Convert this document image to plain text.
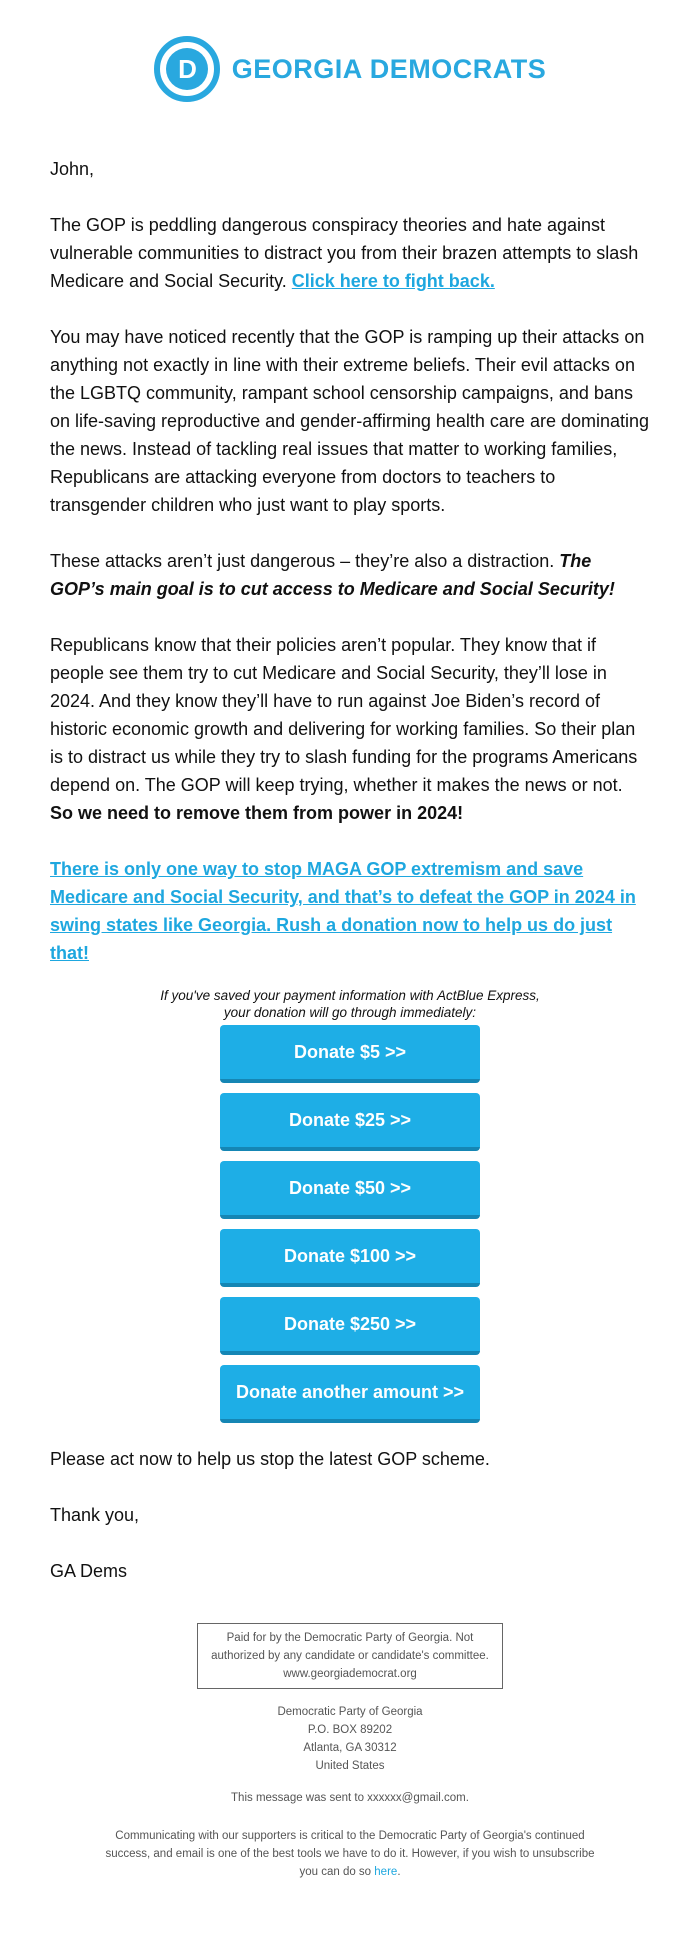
D GEORGIA DEMOCRATS

John,

The GOP is peddling dangerous conspiracy theories and hate against vulnerable communities to distract you from their brazen attempts to slash Medicare and Social Security. Click here to fight back.

You may have noticed recently that the GOP is ramping up their attacks on anything not exactly in line with their extreme beliefs. Their evil attacks on the LGBTQ community, rampant school censorship campaigns, and bans on life-saving reproductive and gender-affirming health care are dominating the news. Instead of tackling real issues that matter to working families, Republicans are attacking everyone from doctors to teachers to transgender children who just want to play sports.

These attacks aren’t just dangerous – they’re also a distraction. The GOP’s main goal is to cut access to Medicare and Social Security!

Republicans know that their policies aren’t popular. They know that if people see them try to cut Medicare and Social Security, they’ll lose in 2024. And they know they’ll have to run against Joe Biden’s record of historic economic growth and delivering for working families. So their plan is to distract us while they try to slash funding for the programs Americans depend on. The GOP will keep trying, whether it makes the news or not. So we need to remove them from power in 2024!

There is only one way to stop MAGA GOP extremism and save Medicare and Social Security, and that’s to defeat the GOP in 2024 in swing states like Georgia. Rush a donation now to help us do just that!
If you've saved your payment information with ActBlue Express,
your donation will go through immediately:
Donate $5 >>
Donate $25 >>
Donate $50 >>
Donate $100 >>
Donate $250 >>
Donate another amount >>

Please act now to help us stop the latest GOP scheme.

Thank you,

GA Dems

Paid for by the Democratic Party of Georgia. Not
authorized by any candidate or candidate's committee.
www.georgiademocrat.org
Democratic Party of Georgia
P.O. BOX 89202
Atlanta, GA 30312
United States
This message was sent to xxxxxx@gmail.com.
Communicating with our supporters is critical to the Democratic Party of Georgia's continued success, and email is one of the best tools we have to do it. However, if you wish to unsubscribe you can do so here.
